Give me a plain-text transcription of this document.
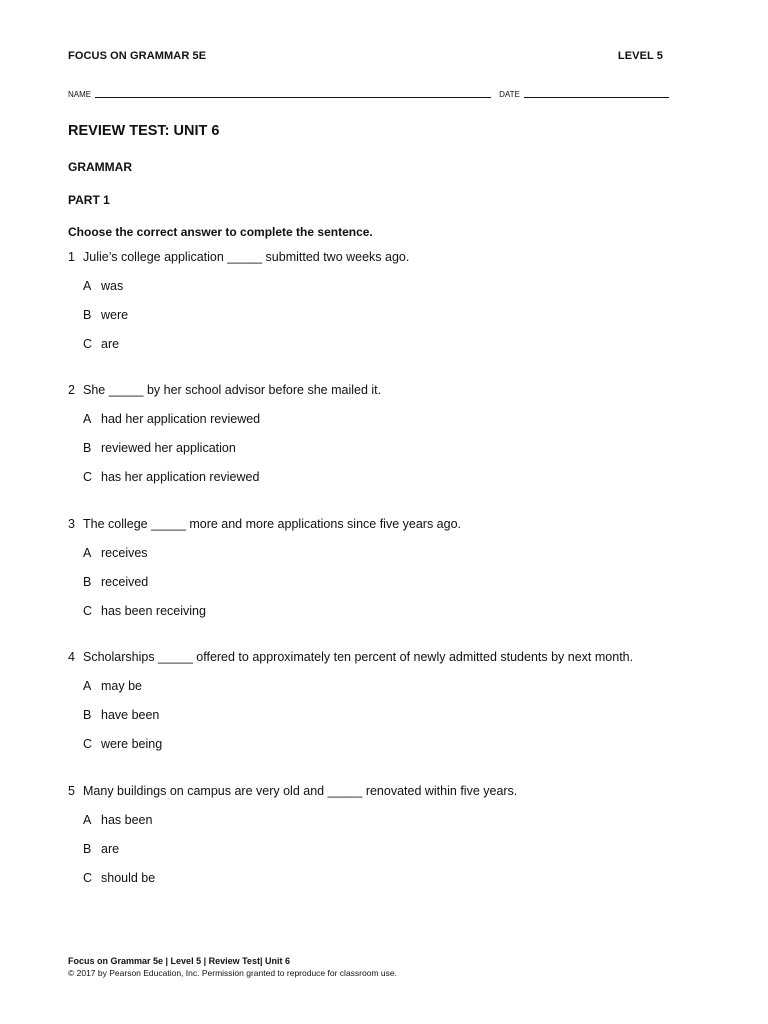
FOCUS ON GRAMMAR 5E	LEVEL 5
NAME	DATE
REVIEW TEST: UNIT 6
GRAMMAR
PART 1
Choose the correct answer to complete the sentence.
1 Julie’s college application _____ submitted two weeks ago.
A was
B were
C are
2 She _____ by her school advisor before she mailed it.
A had her application reviewed
B reviewed her application
C has her application reviewed
3 The college _____ more and more applications since five years ago.
A receives
B received
C has been receiving
4 Scholarships _____ offered to approximately ten percent of newly admitted students by next month.
A may be
B have been
C were being
5 Many buildings on campus are very old and _____ renovated within five years.
A has been
B are
C should be
Focus on Grammar 5e | Level 5 | Review Test| Unit 6
© 2017 by Pearson Education, Inc. Permission granted to reproduce for classroom use.
